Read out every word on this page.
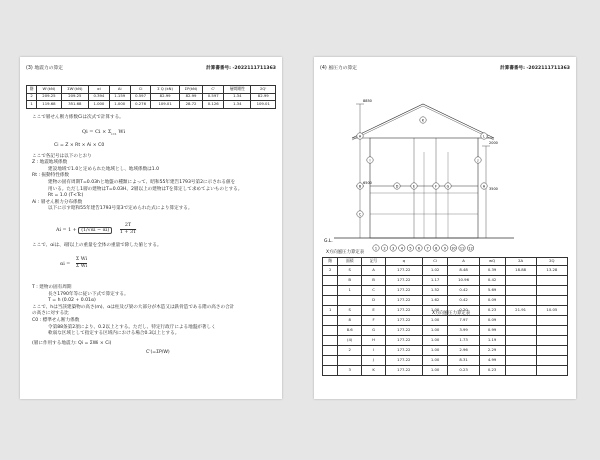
(3) 地震力の算定	計算書番号: -2022111711363
階	W'(kN)	ΣW'(kN)	αi	Ai	Ci	Σ Q (kN)	ΣP(kN)	C'	層間剛性	ΣQ'
2	209.25	209.25	0.394	1.159	0.597	82.99	82.99	0.597	1.34	82.99
1	119.68	351.68	1.000	1.000	0.276	109.01	28.72	0.126	1.34	109.01
ここで層せん断力係数Ciは次式で計算する。
$Qi = Ci \times \Sigma_{i=1}$ Wi
Ci = Z × Rt × Ai × C0
ここで各記号は以下のとおり
Z : 地震地域係数
建設地域で1.0と定められた地域とし、地域係数は1.0
Rt : 振動特性係数
建物の固有周期T=0.03hと地盤の種類によって、昭和55年建告1793号第2に示される値を
用いる。ただし1層の建物はT=0.03H、2層以上の建物はTを算定して求めてよいものとする。
Rt = 1.0 (T<Tc)
Ai : 層せん断力分布係数
以下に示す昭和55年建告1793号第3で定められた式により算定する。
$Ai = 1 + (1/√\alpha i - \alpha i) \frac{2T}{1 + 3T}$
ここで、αiは、i層以上の重量を全体の重量で除した値とする。
$\alpha i = \frac{\text{Σ Wi}}{\text{Σ Wi}}$
T : 建物の固有周期
長さ1790年等に従い下式で算定する。
T = h (0.02 + 0.01α)
ここで、hは当該建築物の高さ(m)、αは柱及び梁の大部分が木造又は鉄骨造である階の高さの合計
の高さに対する比
C0 : 標準せん断力係数
令第88条第2項により、0.2以上とする。ただし、特定行政庁による地盤が著しく
軟弱な区域として指定する区域内における場合0.3以上とする。
(層に作用する地震力: Qi = ΣWi × Ci)
C'(=ΣP/W)
(4) 風圧力の算定	計算書番号: -2022111711363
8850
6500
2000
3500
G.L.
A
B
C
D	E	F	G	H
I	J
K
L
1 2 3 4 5 6 7 8 9 10 11 12
X方向風圧力算定表
X方向風圧力算定表
階	面積	記号	q	Ci	A	wQ	ΣA	ΣQ
2	S	A	177.22	1.02	8.48	0.39	18.88	13.28
	B	B	177.22	1.17	10.96	0.42		
	1	C	177.22	1.52	0.42	5.69		
		D	177.22	1.62	0.42	0.09		
1	S	E	177.22	1.00	0.20	0.23	21.91	10.05
	8	F	177.22	1.00	7.97	0.09		
	8.6	G	177.22	1.00	3.99	0.99		
	(4)	H	177.22	1.00	1.73	1.19		
	2	I	177.22	1.00	2.96	2.29		
		J	177.22	1.00	8.31	4.99		
	3	K	177.22	1.00	0.23	0.23		
